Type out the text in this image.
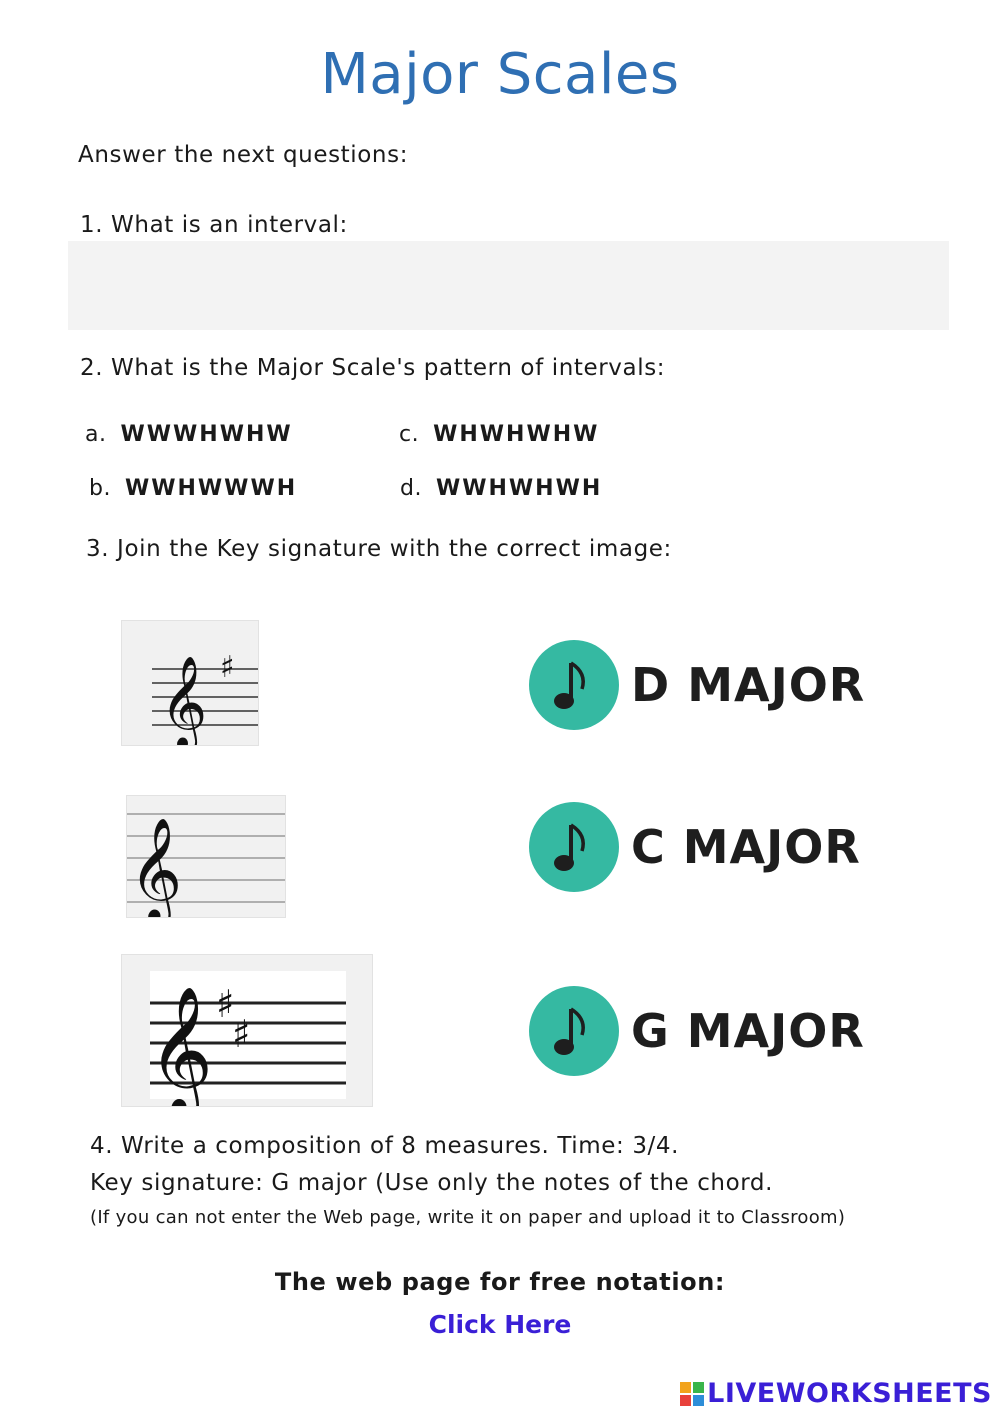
Major Scales
Answer the next questions:
1. What is an interval:
2. What is the Major Scale's pattern of intervals:
a. WWWHWHW
b. WWHWWWH
c. WHWHWHW
d. WWHWHWH
3. Join the Key signature with the correct image:
𝄞 ♯
𝄞
𝄞 ♯
♯
D MAJOR
C MAJOR
G MAJOR
4. Write a composition of 8 measures. Time: 3/4.
Key signature: G major (Use only the notes of the chord.
(If you can not enter the Web page, write it on paper and upload it to Classroom)
The web page for free notation:
Click Here
LIVEWORKSHEETS
